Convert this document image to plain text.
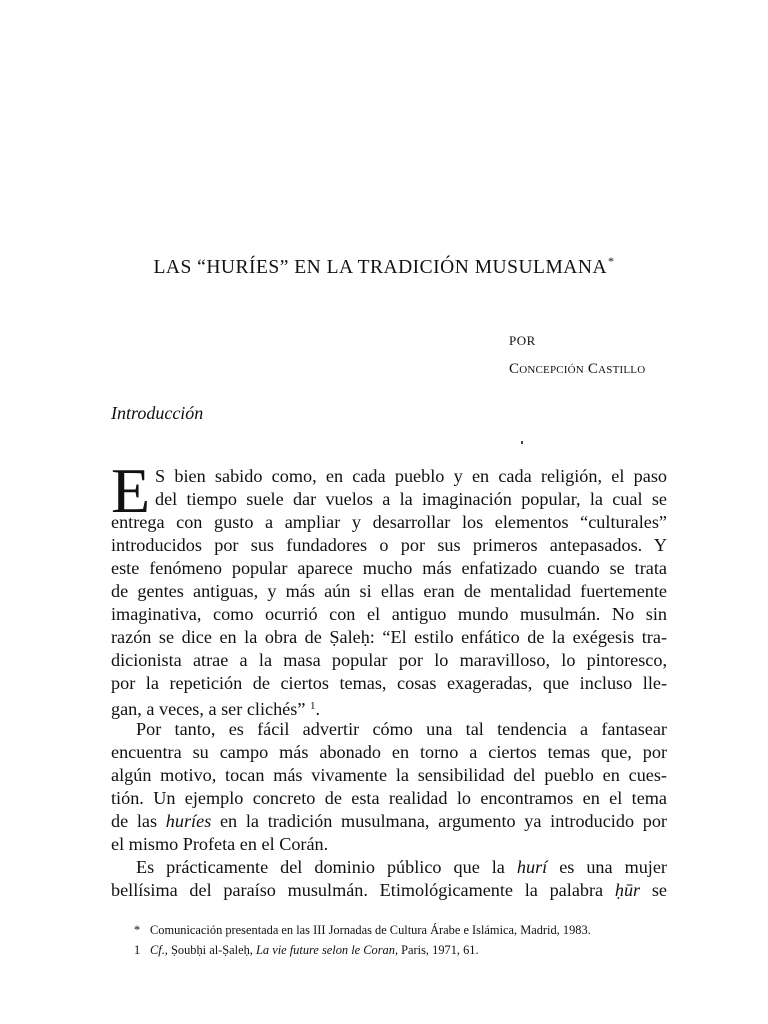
LAS “HURÍES” EN LA TRADICIÓN MUSULMANA*
POR
Concepción Castillo
Introducción
E S bien sabido como, en cada pueblo y en cada religión, el paso
del tiempo suele dar vuelos a la imaginación popular, la cual se
entrega con gusto a ampliar y desarrollar los elementos “culturales”
introducidos por sus fundadores o por sus primeros antepasados. Y
este fenómeno popular aparece mucho más enfatizado cuando se trata
de gentes antiguas, y más aún si ellas eran de mentalidad fuertemente
imaginativa, como ocurrió con el antiguo mundo musulmán. No sin
razón se dice en la obra de Ṣaleḥ: “El estilo enfático de la exégesis tra-
dicionista atrae a la masa popular por lo maravilloso, lo pintoresco,
por la repetición de ciertos temas, cosas exageradas, que incluso lle-
gan, a veces, a ser clichés” $^1$.
Por tanto, es fácil advertir cómo una tal tendencia a fantasear
encuentra su campo más abonado en torno a ciertos temas que, por
algún motivo, tocan más vivamente la sensibilidad del pueblo en cues-
tión. Un ejemplo concreto de esta realidad lo encontramos en el tema
de las huríes en la tradición musulmana, argumento ya introducido por
el mismo Profeta en el Corán.
Es prácticamente del dominio público que la hurí es una mujer
bellísima del paraíso musulmán. Etimológicamente la palabra ḥūr se
* Comunicación presentada en las III Jornadas de Cultura Árabe e Islámica, Madrid, 1983.
1 Cf., Ṣoubḥi al-Ṣaleḥ, La vie future selon le Coran, Paris, 1971, 61.
